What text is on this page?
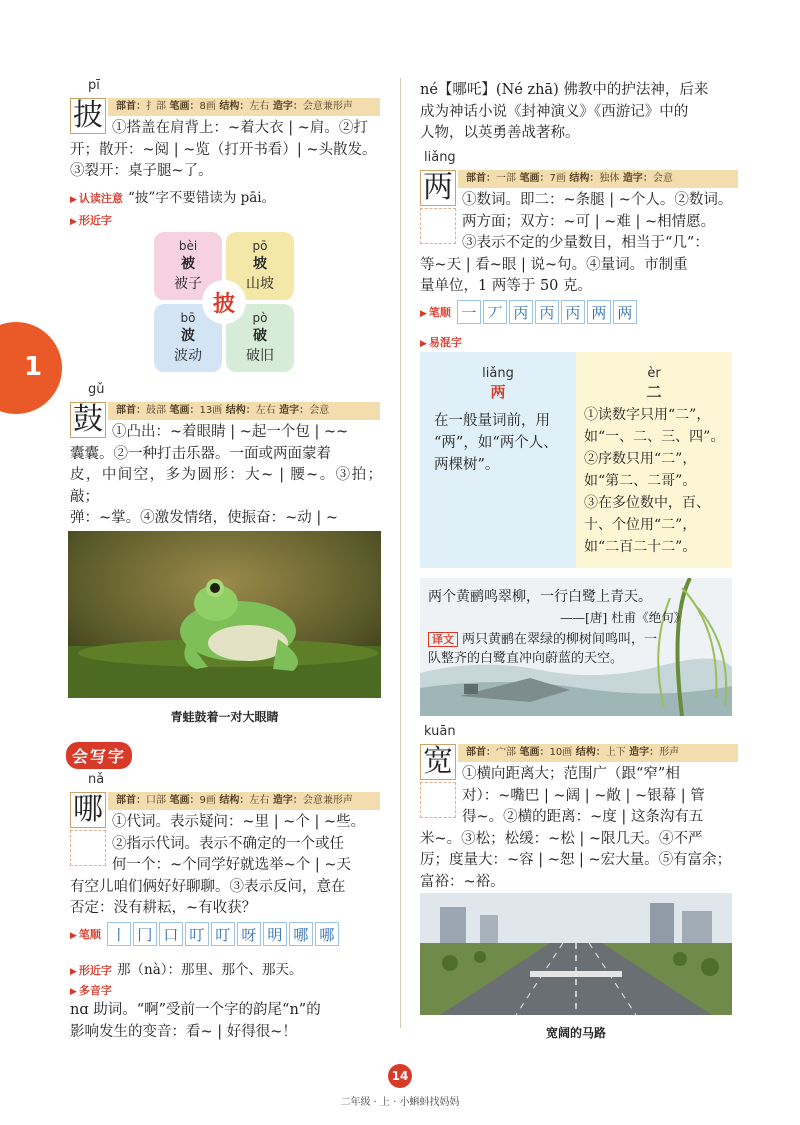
1
pī
披	部首：扌部 笔画：8画 结构：左右 造字：会意兼形声
①搭盖在肩背上：~着大衣 | ~肩。②打
开；散开：~阅 | ~览（打开书看）| ~头散发。
③裂开：桌子腿~了。
▶ 认读注意 “披”字不要错读为 pāi。
▶ 形近字
bèi
被
被子
pō
坡
山坡
bō
波
波动
pò
破
破旧
披
gǔ
鼓	部首：鼓部 笔画：13画 结构：左右 造字：会意
①凸出：~着眼睛 | ~起一个包 | ~~
囊囊。②一种打击乐器。一面或两面蒙着
皮，中间空，多为圆形：大~ | 腰~。③拍；敲；
弹：~掌。④激发情绪，使振奋：~动 | ~
青蛙鼓着一对大眼睛
会写字
nǎ
哪	部首：口部 笔画：9画 结构：左右 造字：会意兼形声
①代词。表示疑问：~里 | ~个 | ~些。
②指示代词。表示不确定的一个或任
何一个：~个同学好就选举~个 | ~天
有空儿咱们俩好好聊聊。③表示反问，意在
否定：没有耕耘，~有收获？
▶ 笔顺 丨 冂 口 叮 叮 呀 明 哪 哪
▶ 形近字 那（nà）：那里、那个、那天。
▶ 多音字
nɑ 助词。“啊”受前一个字的韵尾“n”的
影响发生的变音：看~ | 好得很~！
né【哪吒】(Né zhā) 佛教中的护法神，后来
成为神话小说《封神演义》《西游记》中的
人物，以英勇善战著称。
liǎng
两	部首：一部 笔画：7画 结构：独体 造字：会意
①数词。即二：~条腿 | ~个人。②数词。
两方面；双方：~可 | ~难 | ~相情愿。
③表示不定的少量数目，相当于“几”：
等~天 | 看~眼 | 说~句。④量词。市制重
量单位，1 两等于 50 克。
▶ 笔顺 一 丆 丙 丙 丙 两 两
▶ 易混字
liǎng
两
在一般量词前，用
“两”，如“两个人、
两棵树”。
èr
二
①读数字只用“二”，
如“一、二、三、四”。
②序数只用“二”，
如“第二、二哥”。
③在多位数中，百、
十、个位用“二”，
如“二百二十二”。
两个黄鹂鸣翠柳，一行白鹭上青天。
——[唐] 杜甫《绝句》
译文 两只黄鹂在翠绿的柳树间鸣叫，一
队整齐的白鹭直冲向蔚蓝的天空。
kuān
宽	部首：宀部 笔画：10画 结构：上下 造字：形声
①横向距离大；范围广（跟“窄”相
对）：~嘴巴 | ~阔 | ~敞 | ~银幕 | 管
得~。②横的距离：~度 | 这条沟有五
米~。③松；松缓：~松 | ~限几天。④不严
厉；度量大：~容 | ~恕 | ~宏大量。⑤有富余；
富裕：~裕。
宽阔的马路
14
二年级 · 上 · 小蝌蚪找妈妈
